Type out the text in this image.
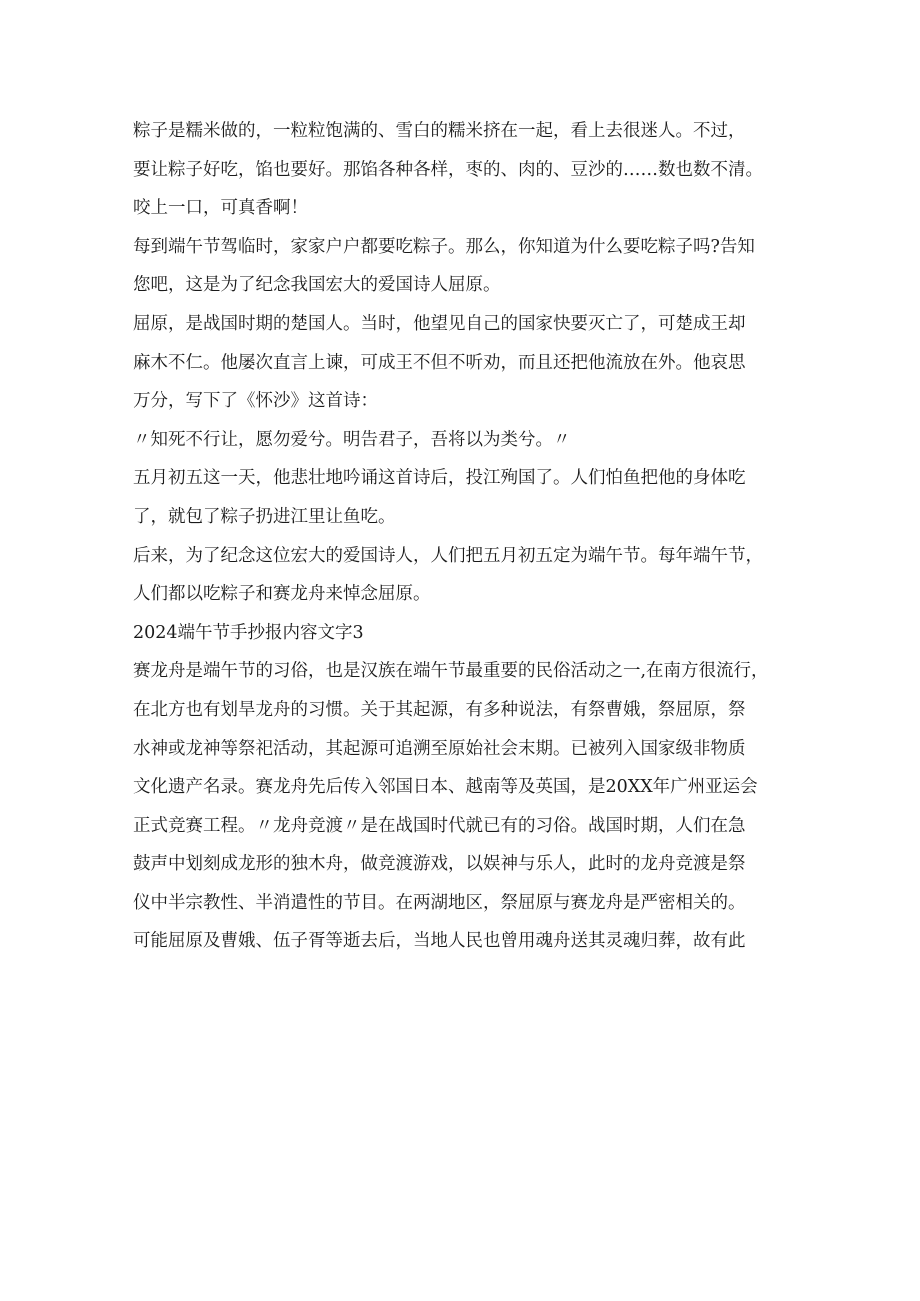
粽子是糯米做的，一粒粒饱满的、雪白的糯米挤在一起，看上去很迷人。不过，
要让粽子好吃，馅也要好。那馅各种各样，枣的、肉的、豆沙的……数也数不清。
咬上一口，可真香啊！

每到端午节驾临时，家家户户都要吃粽子。那么，你知道为什么要吃粽子吗?告知
您吧，这是为了纪念我国宏大的爱国诗人屈原。

屈原，是战国时期的楚国人。当时，他望见自己的国家快要灭亡了，可楚成王却
麻木不仁。他屡次直言上谏，可成王不但不听劝，而且还把他流放在外。他哀思
万分，写下了《怀沙》这首诗：

〃知死不行让，愿勿爱兮。明告君子，吾将以为类兮。〃

五月初五这一天，他悲壮地吟诵这首诗后，投江殉国了。人们怕鱼把他的身体吃
了，就包了粽子扔进江里让鱼吃。

后来，为了纪念这位宏大的爱国诗人，人们把五月初五定为端午节。每年端午节，
人们都以吃粽子和赛龙舟来悼念屈原。

2024端午节手抄报内容文字3

赛龙舟是端午节的习俗，也是汉族在端午节最重要的民俗活动之一,在南方很流行，
在北方也有划旱龙舟的习惯。关于其起源，有多种说法，有祭曹娥，祭屈原，祭
水神或龙神等祭祀活动，其起源可追溯至原始社会末期。已被列入国家级非物质
文化遗产名录。赛龙舟先后传入邻国日本、越南等及英国，是20XX年广州亚运会
正式竞赛工程。〃龙舟竞渡〃是在战国时代就已有的习俗。战国时期，人们在急
鼓声中划刻成龙形的独木舟，做竞渡游戏，以娱神与乐人，此时的龙舟竞渡是祭
仪中半宗教性、半消遣性的节目。在两湖地区，祭屈原与赛龙舟是严密相关的。
可能屈原及曹娥、伍子胥等逝去后，当地人民也曾用魂舟送其灵魂归葬，故有此
